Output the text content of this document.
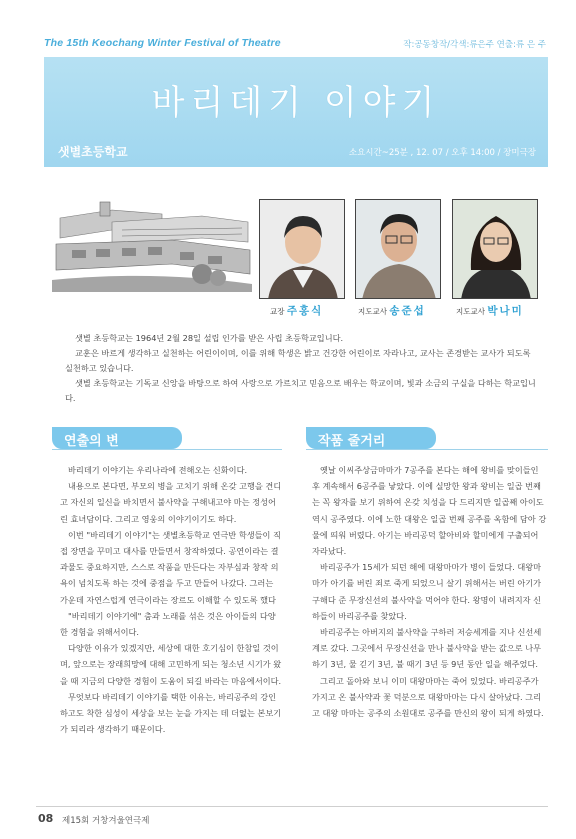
The 15th Keochang Winter Festival of Theatre	작:공동창작/각색:류은주 연출:류 은 주
바리데기 이야기
샛별초등학교	소요시간~25분 , 12. 07 / 오후 14:00 / 장미극장
교장 주홍식	지도교사 송준섭	지도교사 박나미

샛별 초등학교는 1964년 2월 28일 설립 인가를 받은 사립 초등학교입니다.

교훈은 바르게 생각하고 실천하는 어린이이며, 이를 위해 학생은 밝고 건강한 어린이로 자라나고, 교사는 존경받는 교사가 되도록 실천하고 있습니다.

샛별 초등학교는 기독교 신앙을 바탕으로 하여 사랑으로 가르치고 믿음으로 배우는 학교이며, 빛과 소금의 구실을 다하는 학교입니다.

연출의 변	작품 줄거리

바리데기 이야기는 우리나라에 전해오는 신화이다.

내용으로 본다면, 부모의 병을 고치기 위해 온갖 고행을 견디고 자신의 일신을 바치면서 불사약을 구해내고야 마는 정성어린 효녀담이다. 그리고 영웅의 이야기이기도 하다.

이번 "바리데기 이야기"는 샛별초등학교 연극반 학생들이 직접 장면을 꾸미고 대사를 만들면서 창작하였다. 공연이라는 결과물도 중요하지만, 스스로 작품을 만든다는 자부심과 창작 의욕이 넘치도록 하는 것에 중점을 두고 만들어 나갔다. 그러는 가운데 자연스럽게 연극이라는 장르도 이해할 수 있도록 했다

"바리데기 이야기에" 춤과 노래를 섞은 것은 아이들의 다양한 경험을 위해서이다.

다양한 이유가 있겠지만, 세상에 대한 호기심이 한참일 것이며, 앞으로는 장래희망에 대해 고민하게 되는 청소년 시기가 왔을 때 지금의 다양한 경험이 도움이 되길 바라는 마음에서이다.

무엇보다 바리데기 이야기를 택한 이유는, 바리공주의 강인하고도 착한 심성이 세상을 보는 눈을 가지는 데 더없는 본보기가 되리라 생각하기 때문이다.

옛날 이씨주상금마마가 7공주를 본다는 해에 왕비를 맞이들인 후 계속해서 6공주를 낳았다. 이에 실망한 왕과 왕비는 일곱 번째는 꼭 왕자를 보기 위하여 온갖 치성을 다 드리지만 일곱째 아이도 역시 공주였다. 이에 노한 대왕은 일곱 번째 공주를 옥함에 담아 강물에 띄워 버렸다. 아기는 바리공덕 할아비와 할미에게 구출되어 자라났다.

바리공주가 15세가 되던 해에 대왕마마가 병이 들었다. 대왕마마가 아기를 버린 죄로 죽게 되었으니 살기 위해서는 버린 아기가 구해다 준 무장신선의 불사약을 먹어야 한다. 왕명이 내려지자 신하들이 바리공주를 찾았다.

바리공주는 아버지의 불사약을 구하러 저승세계를 지나 신선세계로 갔다. 그곳에서 무장신선을 만나 불사약을 받는 값으로 나무하기 3년, 물 긷기 3년, 불 때기 3년 등 9년 동안 일을 해주었다.

그리고 돌아와 보니 이미 대왕마마는 죽어 있었다. 바리공주가 가지고 온 불사약과 꽃 덕분으로 대왕마마는 다시 살아났다. 그리고 대왕 마마는 공주의 소원대로 공주를 만신의 왕이 되게 하였다.

08 제15회 거창겨울연극제
